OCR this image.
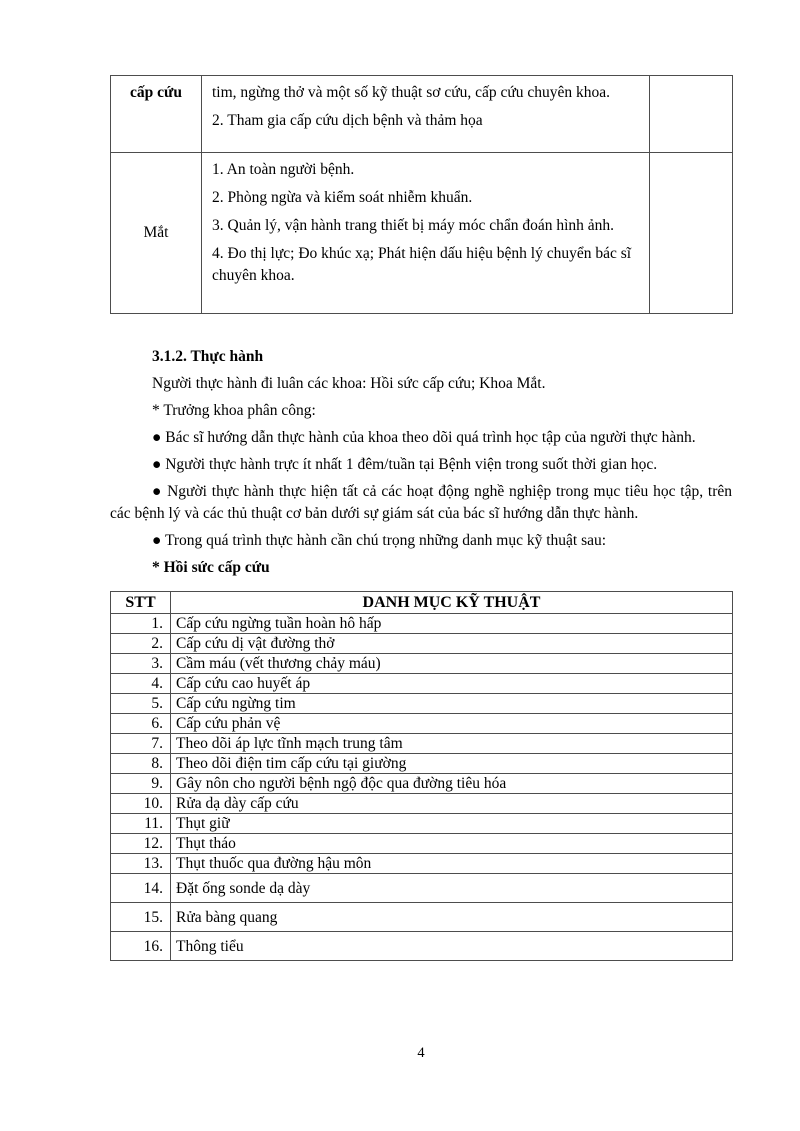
cấp cứu	tim, ngừng thở và một số kỹ thuật sơ cứu, cấp cứu chuyên khoa.

2. Tham gia cấp cứu dịch bệnh và thảm họa	

Mắt	1. An toàn người bệnh.

2. Phòng ngừa và kiểm soát nhiễm khuẩn.

3. Quản lý, vận hành trang thiết bị máy móc chẩn đoán hình ảnh.

4. Đo thị lực; Đo khúc xạ; Phát hiện dấu hiệu bệnh lý chuyển bác sĩ chuyên khoa.	

3.1.2. Thực hành

Người thực hành đi luân các khoa: Hồi sức cấp cứu; Khoa Mắt.

* Trưởng khoa phân công:

● Bác sĩ hướng dẫn thực hành của khoa theo dõi quá trình học tập của người thực hành.

● Người thực hành trực ít nhất 1 đêm/tuần tại Bệnh viện trong suốt thời gian học.

● Người thực hành thực hiện tất cả các hoạt động nghề nghiệp trong mục tiêu học tập, trên các bệnh lý và các thủ thuật cơ bản dưới sự giám sát của bác sĩ hướng dẫn thực hành.

● Trong quá trình thực hành cần chú trọng những danh mục kỹ thuật sau:

* Hồi sức cấp cứu
STT	DANH MỤC KỸ THUẬT
1.	Cấp cứu ngừng tuần hoàn hô hấp
2.	Cấp cứu dị vật đường thở
3.	Cầm máu (vết thương chảy máu)
4.	Cấp cứu cao huyết áp
5.	Cấp cứu ngừng tim
6.	Cấp cứu phản vệ
7.	Theo dõi áp lực tĩnh mạch trung tâm
8.	Theo dõi điện tim cấp cứu tại giường
9.	Gây nôn cho người bệnh ngộ độc qua đường tiêu hóa
10.	Rửa dạ dày cấp cứu
11.	Thụt giữ
12.	Thụt tháo
13.	Thụt thuốc qua đường hậu môn
14.	Đặt ống sonde dạ dày
15.	Rửa bàng quang
16.	Thông tiểu
4
